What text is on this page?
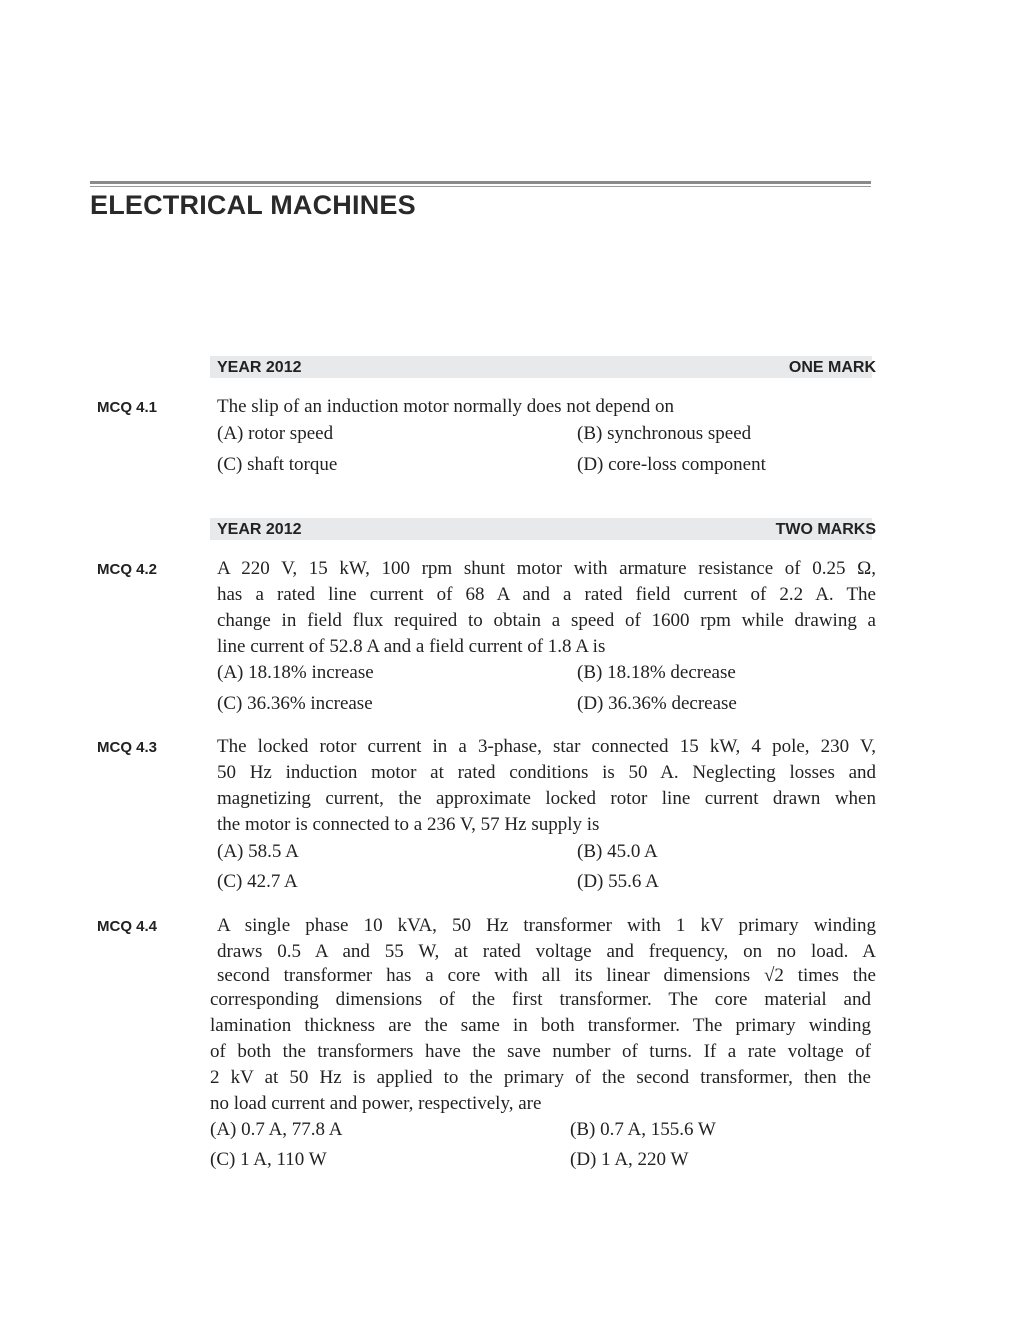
ELECTRICAL MACHINES
YEAR 2012	ONE MARK
YEAR 2012	TWO MARKS
MCQ 4.1	The slip of an induction motor normally does not depend on
(A) rotor speed	(B) synchronous speed
(C) shaft torque	(D) core-loss component
MCQ 4.2	A 220 V, 15 kW, 100 rpm shunt motor with armature resistance of 0.25 Ω,
has a rated line current of 68 A and a rated field current of 2.2 A. The
change in field flux required to obtain a speed of 1600 rpm while drawing a
line current of 52.8 A and a field current of 1.8 A is
(A) 18.18% increase	(B) 18.18% decrease
(C) 36.36% increase	(D) 36.36% decrease
MCQ 4.3	The locked rotor current in a 3-phase, star connected 15 kW, 4 pole, 230 V,
50 Hz induction motor at rated conditions is 50 A. Neglecting losses and
magnetizing current, the approximate locked rotor line current drawn when
the motor is connected to a 236 V, 57 Hz supply is
(A) 58.5 A	(B) 45.0 A
(C) 42.7 A	(D) 55.6 A
MCQ 4.4	A single phase 10 kVA, 50 Hz transformer with 1 kV primary winding
draws 0.5 A and 55 W, at rated voltage and frequency, on no load. A
second transformer has a core with all its linear dimensions √2 times the
corresponding dimensions of the first transformer. The core material and
lamination thickness are the same in both transformer. The primary winding
of both the transformers have the save number of turns. If a rate voltage of
2 kV at 50 Hz is applied to the primary of the second transformer, then the
no load current and power, respectively, are
(A) 0.7 A, 77.8 A	(B) 0.7 A, 155.6 W
(C) 1 A, 110 W	(D) 1 A, 220 W
